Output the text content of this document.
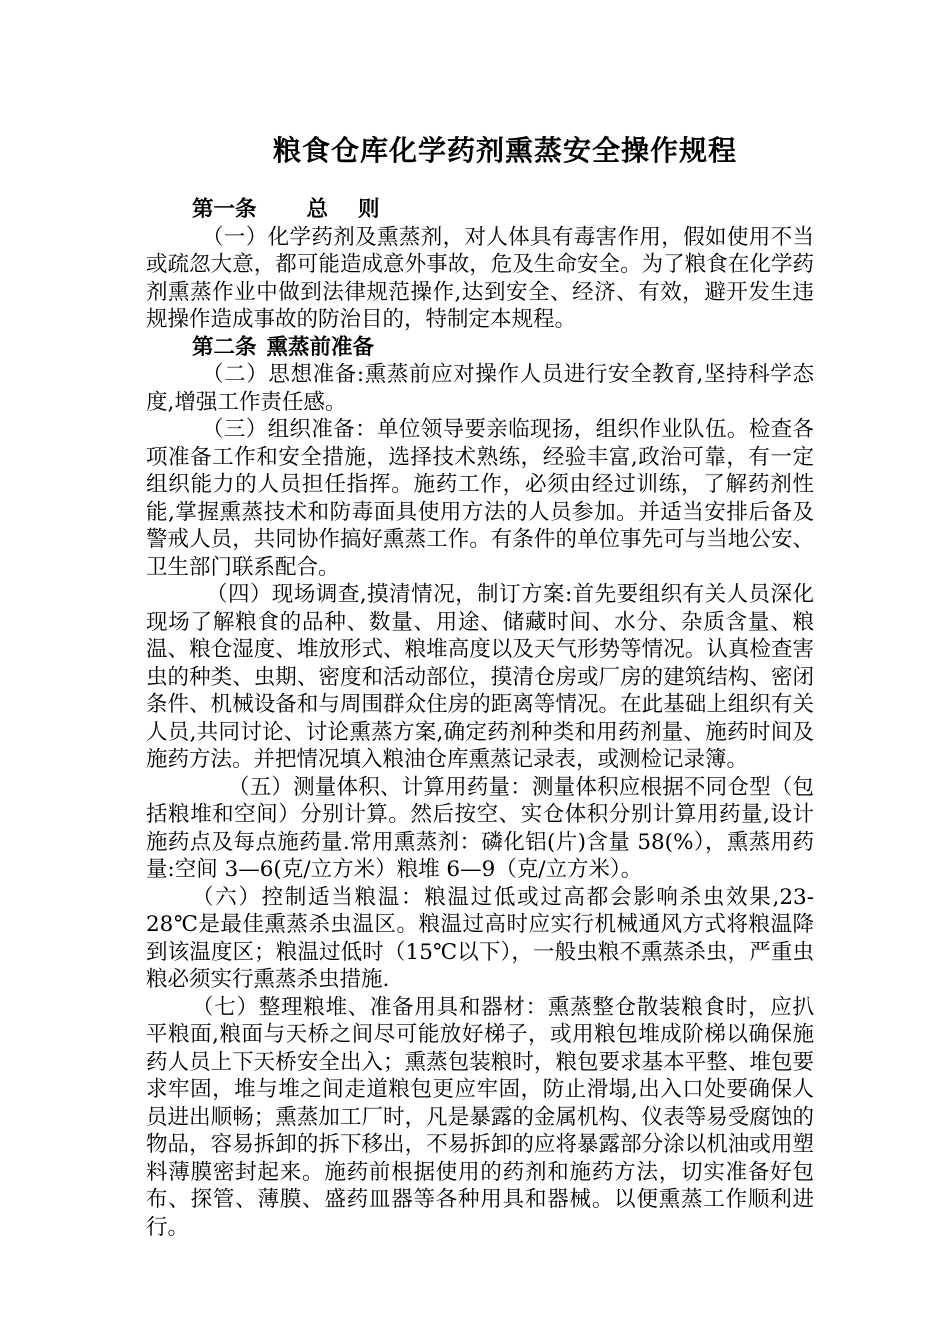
粮食仓库化学药剂熏蒸安全操作规程

第一条 总 则

（一）化学药剂及熏蒸剂，对人体具有毒害作用，假如使用不当或疏忽大意，都可能造成意外事故，危及生命安全。为了粮食在化学药剂熏蒸作业中做到法律规范操作,达到安全、经济、有效，避开发生违规操作造成事故的防治目的，特制定本规程。

第二条 熏蒸前准备

（二）思想准备:熏蒸前应对操作人员进行安全教育,坚持科学态度,增强工作责任感。

（三）组织准备：单位领导要亲临现扬，组织作业队伍。检查各项准备工作和安全措施，选择技术熟练，经验丰富,政治可靠，有一定组织能力的人员担任指挥。施药工作，必须由经过训练，了解药剂性能,掌握熏蒸技术和防毒面具使用方法的人员参加。并适当安排后备及警戒人员，共同协作搞好熏蒸工作。有条件的单位事先可与当地公安、卫生部门联系配合。

（四）现场调查,摸清情况，制订方案:首先要组织有关人员深化现场了解粮食的品种、数量、用途、储藏时间、水分、杂质含量、粮温、粮仓湿度、堆放形式、粮堆高度以及天气形势等情况。认真检查害虫的种类、虫期、密度和活动部位，摸清仓房或厂房的建筑结构、密闭条件、机械设备和与周围群众住房的距离等情况。在此基础上组织有关人员,共同讨论、讨论熏蒸方案,确定药剂种类和用药剂量、施药时间及施药方法。并把情况填入粮油仓库熏蒸记录表，或测检记录簿。

（五）测量体积、计算用药量：测量体积应根据不同仓型（包括粮堆和空间）分别计算。然后按空、实仓体积分别计算用药量,设计施药点及每点施药量.常用熏蒸剂：磷化铝(片)含量 58(%），熏蒸用药量:空间 3—6(克/立方米）粮堆 6—9（克/立方米）。

（六）控制适当粮温：粮温过低或过高都会影响杀虫效果,23-28℃是最佳熏蒸杀虫温区。粮温过高时应实行机械通风方式将粮温降到该温度区；粮温过低时（15℃以下），一般虫粮不熏蒸杀虫，严重虫粮必须实行熏蒸杀虫措施.

（七）整理粮堆、准备用具和器材：熏蒸整仓散装粮食时，应扒平粮面,粮面与天桥之间尽可能放好梯子，或用粮包堆成阶梯以确保施药人员上下天桥安全出入；熏蒸包装粮时，粮包要求基本平整、堆包要求牢固，堆与堆之间走道粮包更应牢固，防止滑塌,出入口处要确保人员进出顺畅；熏蒸加工厂时，凡是暴露的金属机构、仪表等易受腐蚀的物品，容易拆卸的拆下移出，不易拆卸的应将暴露部分涂以机油或用塑料薄膜密封起来。施药前根据使用的药剂和施药方法，切实准备好包布、探管、薄膜、盛药皿器等各种用具和器械。以便熏蒸工作顺利进行。
